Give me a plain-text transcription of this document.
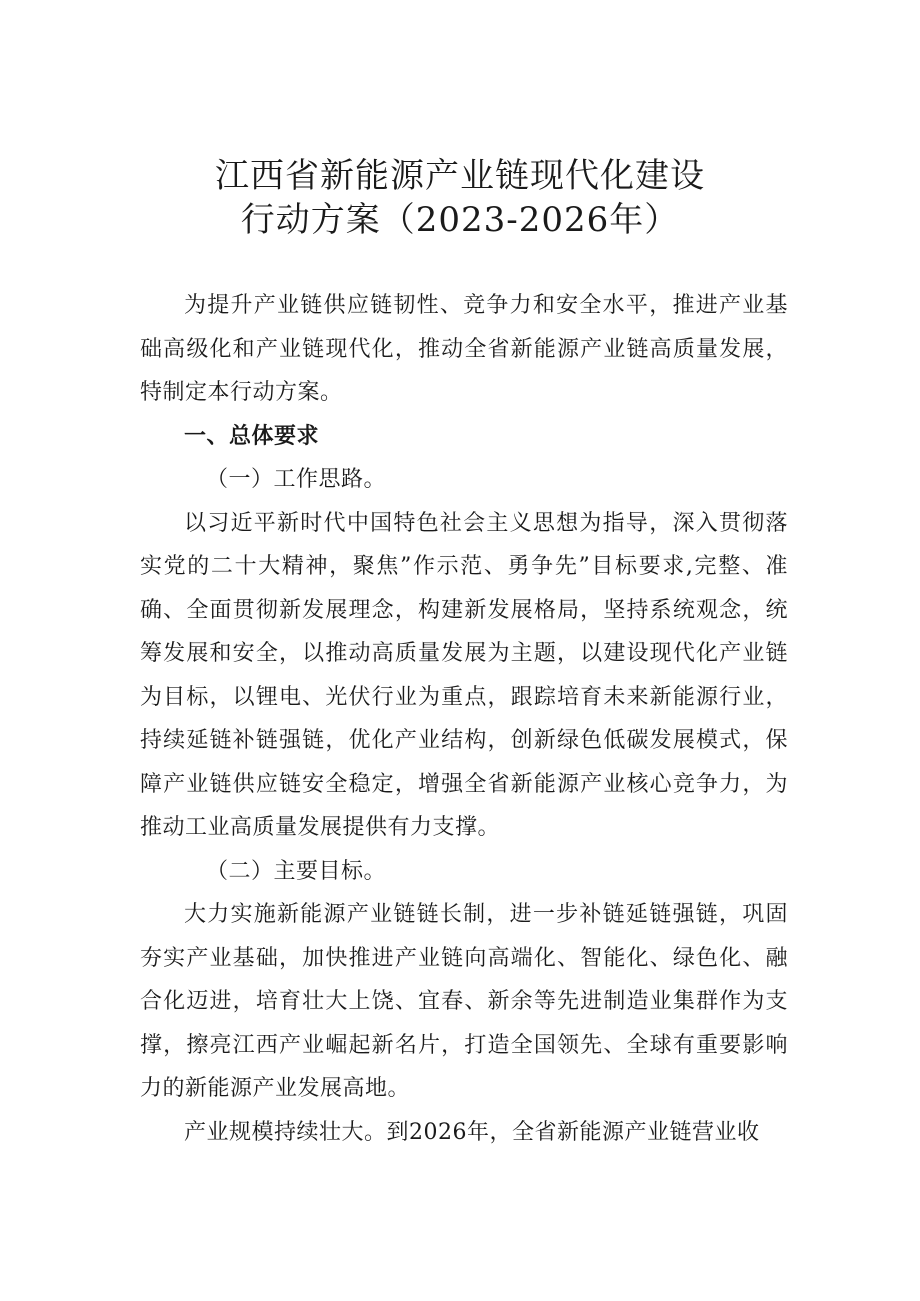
江西省新能源产业链现代化建设
行动方案（2023-2026年）

为提升产业链供应链韧性、竞争力和安全水平，推进产业基础高级化和产业链现代化，推动全省新能源产业链高质量发展，特制定本行动方案。

一、总体要求

（一）工作思路。

以习近平新时代中国特色社会主义思想为指导，深入贯彻落实党的二十大精神，聚焦”作示范、勇争先”目标要求,完整、准确、全面贯彻新发展理念，构建新发展格局，坚持系统观念，统筹发展和安全，以推动高质量发展为主题，以建设现代化产业链为目标，以锂电、光伏行业为重点，跟踪培育未来新能源行业，持续延链补链强链，优化产业结构，创新绿色低碳发展模式，保障产业链供应链安全稳定，增强全省新能源产业核心竞争力，为推动工业高质量发展提供有力支撑。

（二）主要目标。

大力实施新能源产业链链长制，进一步补链延链强链，巩固夯实产业基础，加快推进产业链向高端化、智能化、绿色化、融合化迈进，培育壮大上饶、宜春、新余等先进制造业集群作为支撑，擦亮江西产业崛起新名片，打造全国领先、全球有重要影响力的新能源产业发展高地。

产业规模持续壮大。到2026年，全省新能源产业链营业收
